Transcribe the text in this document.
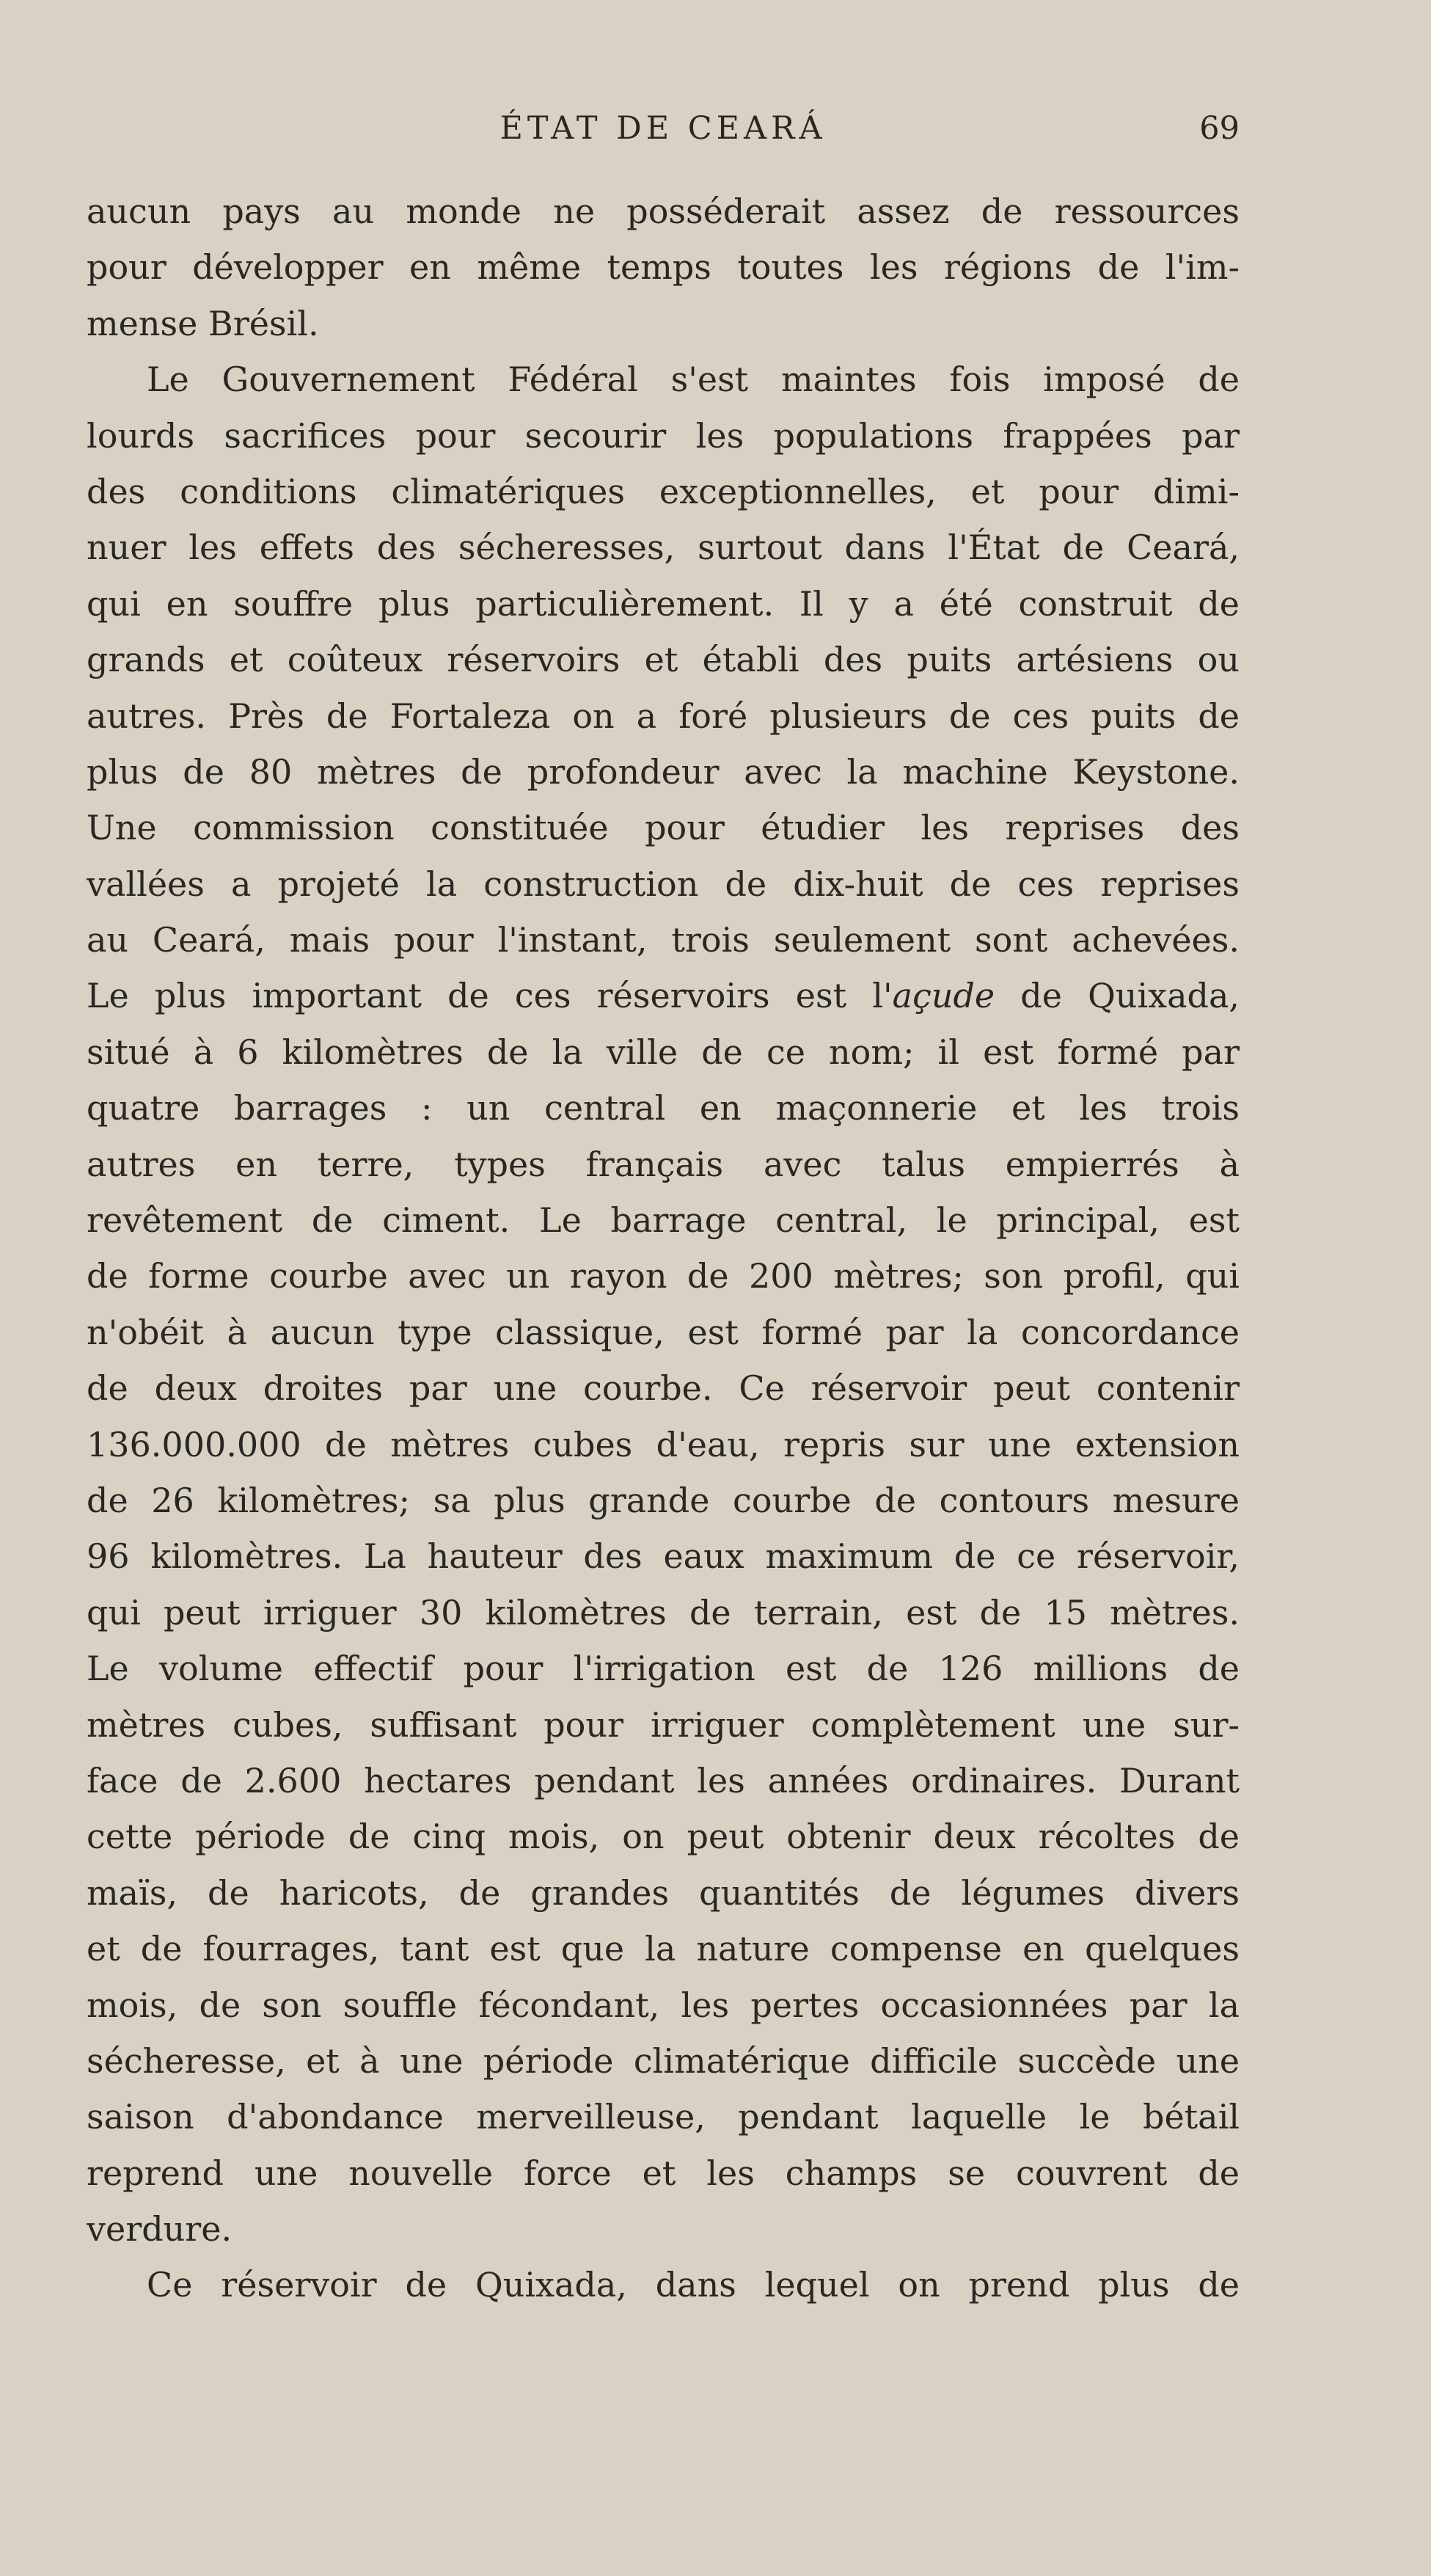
ÉTAT DE CEARÁ	69
aucun pays au monde ne posséderait assez de ressources
pour développer en même temps toutes les régions de l'im-
mense Brésil.
Le Gouvernement Fédéral s'est maintes fois imposé de
lourds sacrifices pour secourir les populations frappées par
des conditions climatériques exceptionnelles, et pour dimi-
nuer les effets des sécheresses, surtout dans l'État de Ceará,
qui en souffre plus particulièrement. Il y a été construit de
grands et coûteux réservoirs et établi des puits artésiens ou
autres. Près de Fortaleza on a foré plusieurs de ces puits de
plus de 80 mètres de profondeur avec la machine Keystone.
Une commission constituée pour étudier les reprises des
vallées a projeté la construction de dix-huit de ces reprises
au Ceará, mais pour l'instant, trois seulement sont achevées.
Le plus important de ces réservoirs est l'açude de Quixada,
situé à 6 kilomètres de la ville de ce nom; il est formé par
quatre barrages : un central en maçonnerie et les trois
autres en terre, types français avec talus empierrés à
revêtement de ciment. Le barrage central, le principal, est
de forme courbe avec un rayon de 200 mètres; son profil, qui
n'obéit à aucun type classique, est formé par la concordance
de deux droites par une courbe. Ce réservoir peut contenir
136.000.000 de mètres cubes d'eau, repris sur une extension
de 26 kilomètres; sa plus grande courbe de contours mesure
96 kilomètres. La hauteur des eaux maximum de ce réservoir,
qui peut irriguer 30 kilomètres de terrain, est de 15 mètres.
Le volume effectif pour l'irrigation est de 126 millions de
mètres cubes, suffisant pour irriguer complètement une sur-
face de 2.600 hectares pendant les années ordinaires. Durant
cette période de cinq mois, on peut obtenir deux récoltes de
maïs, de haricots, de grandes quantités de légumes divers
et de fourrages, tant est que la nature compense en quelques
mois, de son souffle fécondant, les pertes occasionnées par la
sécheresse, et à une période climatérique difficile succède une
saison d'abondance merveilleuse, pendant laquelle le bétail
reprend une nouvelle force et les champs se couvrent de
verdure.
Ce réservoir de Quixada, dans lequel on prend plus de
